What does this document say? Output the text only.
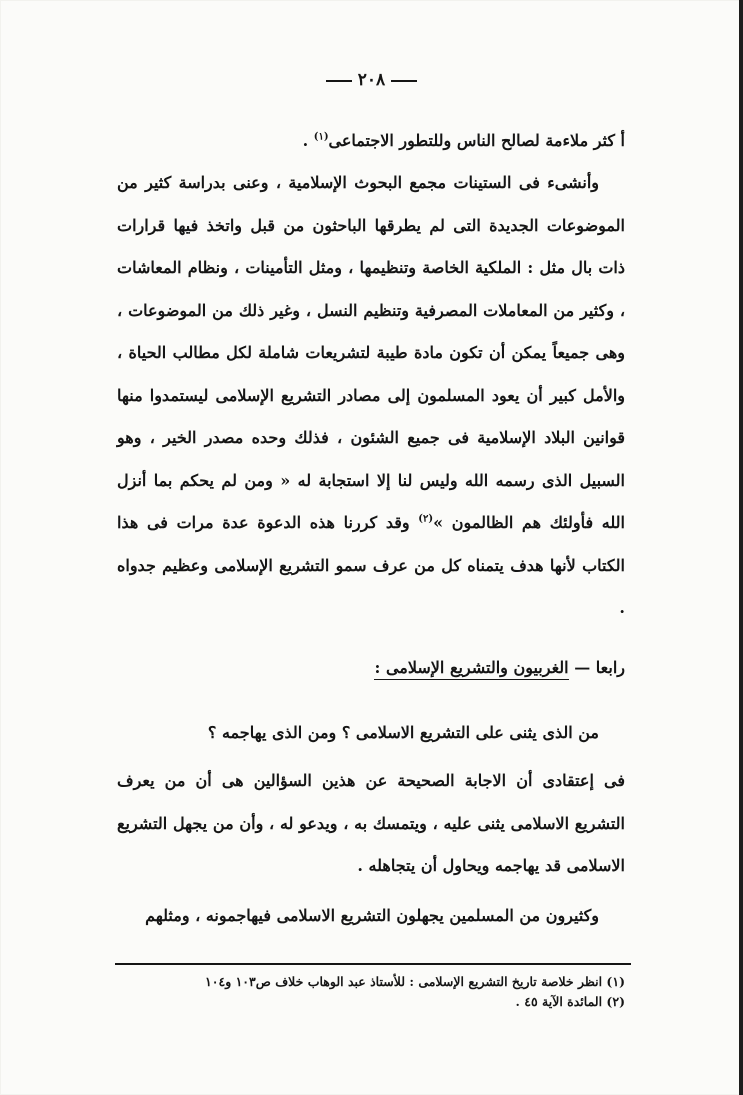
٢٠٨

أ كثر ملاءمة لصالح الناس وللتطور الاجتماعى$^{(١)}$ .

وأنشىء فى الستينات مجمع البحوث الإسلامية ، وعنى بدراسة كثير من الموضوعات الجديدة التى لم يطرقها الباحثون من قبل واتخذ فيها قرارات ذات بال مثل : الملكية الخاصة وتنظيمها ، ومثل التأمينات ، ونظام المعاشات ، وكثير من المعاملات المصرفية وتنظيم النسل ، وغير ذلك من الموضوعات ، وهى جميعاً يمكن أن تكون مادة طيبة لتشريعات شاملة لكل مطالب الحياة ، والأمل كبير أن يعود المسلمون إلى مصادر التشريع الإسلامى ليستمدوا منها قوانين البلاد الإسلامية فى جميع الشئون ، فذلك وحده مصدر الخير ، وهو السبيل الذى رسمه الله وليس لنا إلا استجابة له « ومن لم يحكم بما أنزل الله فأولئك هم الظالمون »$^{(٢)}$ وقد كررنا هذه الدعوة عدة مرات فى هذا الكتاب لأنها هدف يتمناه كل من عرف سمو التشريع الإسلامى وعظيم جدواه .

رابعا — الغربيون والتشريع الإسلامى :

من الذى يثنى على التشريع الاسلامى ؟ ومن الذى يهاجمه ؟

فى إعتقادى أن الاجابة الصحيحة عن هذين السؤالين هى أن من يعرف التشريع الاسلامى يثنى عليه ، ويتمسك به ، ويدعو له ، وأن من يجهل التشريع الاسلامى قد يهاجمه ويحاول أن يتجاهله .

وكثيرون من المسلمين يجهلون التشريع الاسلامى فيهاجمونه ، ومثلهم

(١) انظر خلاصة تاريخ التشريع الإسلامى : للأستاذ عبد الوهاب خلاف ص١٠٣ و١٠٤

(٢) المائدة الآية ٤٥ .
